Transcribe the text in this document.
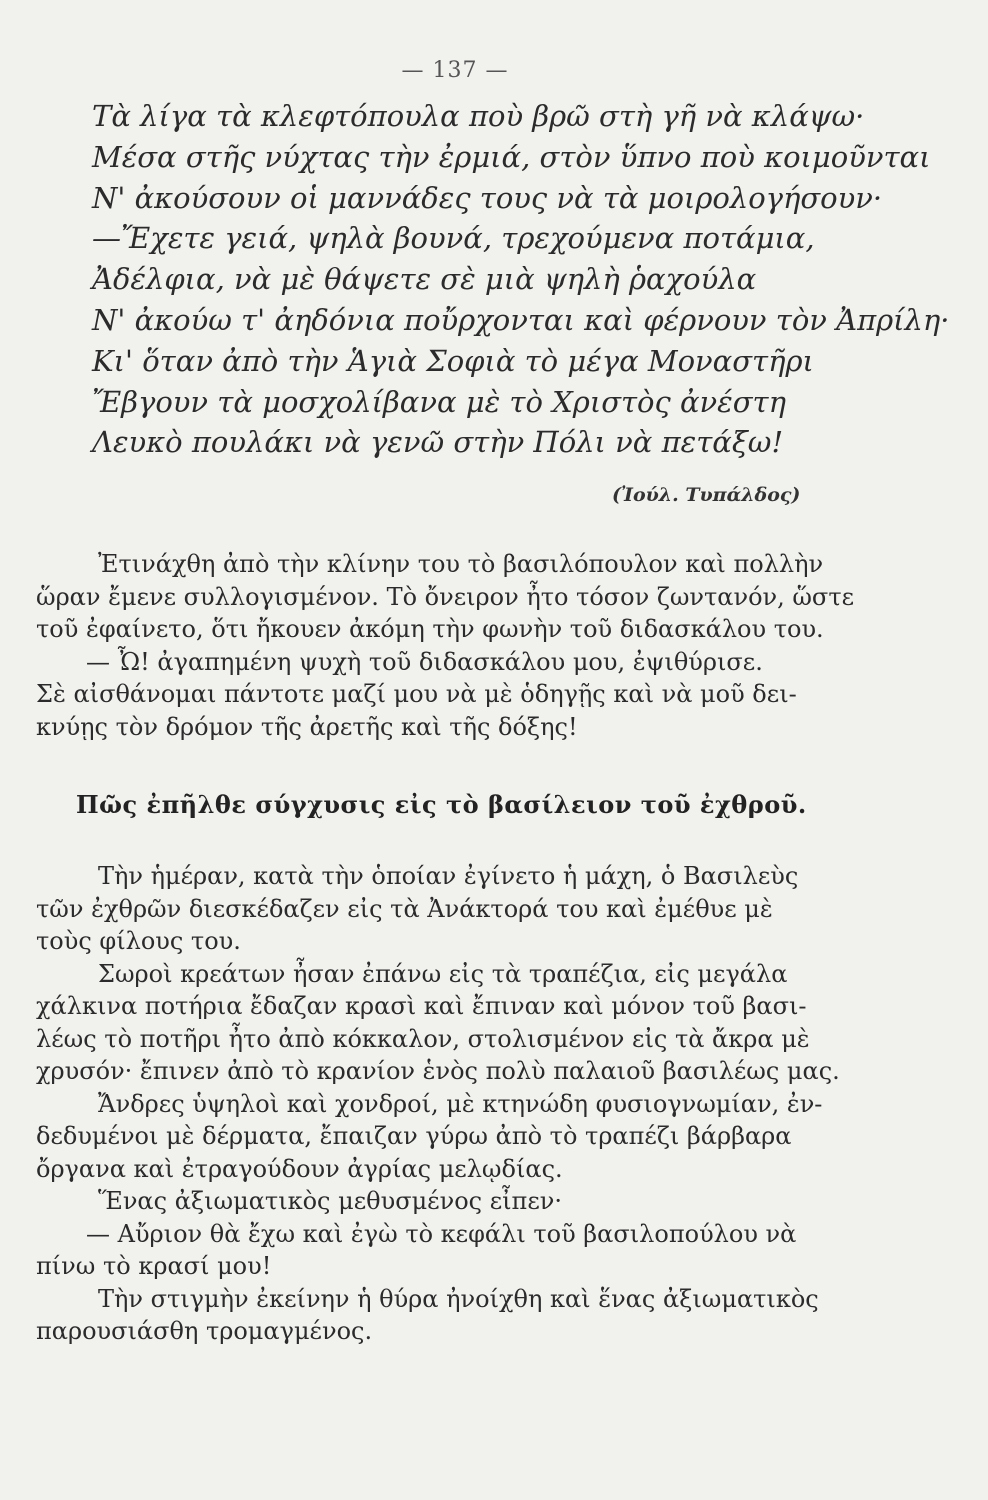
— 137 —
Τὰ λίγα τὰ κλεφτόπουλα ποὺ βρῶ στὴ γῆ νὰ κλάψω·
Μέσα στῆς νύχτας τὴν ἐρμιά, στὸν ὕπνο ποὺ κοιμοῦνται
Ν' ἀκούσουν οἱ μαννάδες τους νὰ τὰ μοιρολογήσουν·
—Ἔχετε γειά, ψηλὰ βουνά, τρεχούμενα ποτάμια,
Ἀδέλφια, νὰ μὲ θάψετε σὲ μιὰ ψηλὴ ῥαχούλα
Ν' ἀκούω τ' ἀηδόνια ποὔρχονται καὶ φέρνουν τὸν Ἀπρίλη·
Κι' ὅταν ἀπὸ τὴν Ἁγιὰ Σοφιὰ τὸ μέγα Μοναστῆρι
Ἔβγουν τὰ μοσχολίβανα μὲ τὸ Χριστὸς ἀνέστη
Λευκὸ πουλάκι νὰ γενῶ στὴν Πόλι νὰ πετάξω!
(Ἰούλ. Τυπάλδος)
Ἐτινάχθη ἀπὸ τὴν κλίνην του τὸ βασιλόπουλον καὶ πολλὴν
ὥραν ἔμενε συλλογισμένον. Τὸ ὄνειρον ἦτο τόσον ζωντανόν, ὥστε
τοῦ ἐφαίνετο, ὅτι ἤκουεν ἀκόμη τὴν φωνὴν τοῦ διδασκάλου του.
— Ὦ! ἀγαπημένη ψυχὴ τοῦ διδασκάλου μου, ἐψιθύρισε.
Σὲ αἰσθάνομαι πάντοτε μαζί μου νὰ μὲ ὁδηγῇς καὶ νὰ μοῦ δει-
κνύῃς τὸν δρόμον τῆς ἀρετῆς καὶ τῆς δόξης!
Πῶς ἐπῆλθε σύγχυσις εἰς τὸ βασίλειον τοῦ ἐχθροῦ.
Τὴν ἡμέραν, κατὰ τὴν ὁποίαν ἐγίνετο ἡ μάχη, ὁ Βασιλεὺς
τῶν ἐχθρῶν διεσκέδαζεν εἰς τὰ Ἀνάκτορά του καὶ ἐμέθυε μὲ
τοὺς φίλους του.
Σωροὶ κρεάτων ἦσαν ἐπάνω εἰς τὰ τραπέζια, εἰς μεγάλα
χάλκινα ποτήρια ἔδαζαν κρασὶ καὶ ἔπιναν καὶ μόνον τοῦ βασι-
λέως τὸ ποτῆρι ἦτο ἀπὸ κόκκαλον, στολισμένον εἰς τὰ ἄκρα μὲ
χρυσόν· ἔπινεν ἀπὸ τὸ κρανίον ἑνὸς πολὺ παλαιοῦ βασιλέως μας.
Ἄνδρες ὑψηλοὶ καὶ χονδροί, μὲ κτηνώδη φυσιογνωμίαν, ἐν-
δεδυμένοι μὲ δέρματα, ἔπαιζαν γύρω ἀπὸ τὸ τραπέζι βάρβαρα
ὄργανα καὶ ἐτραγούδουν ἀγρίας μελῳδίας.
Ἕνας ἀξιωματικὸς μεθυσμένος εἶπεν·
— Αὔριον θὰ ἔχω καὶ ἐγὼ τὸ κεφάλι τοῦ βασιλοπούλου νὰ
πίνω τὸ κρασί μου!
Τὴν στιγμὴν ἐκείνην ἡ θύρα ἠνοίχθη καὶ ἕνας ἀξιωματικὸς
παρουσιάσθη τρομαγμένος.
